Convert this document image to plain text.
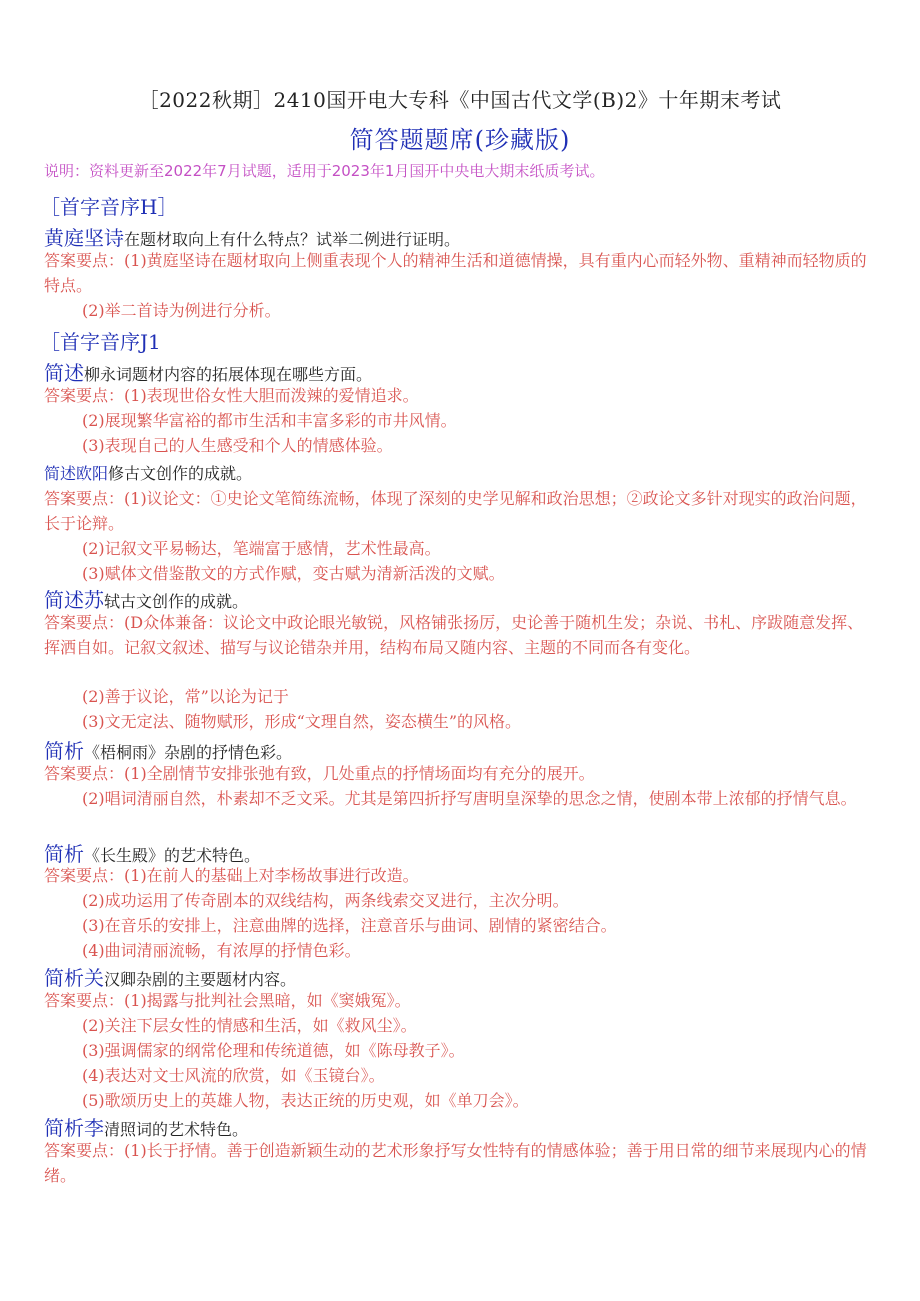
［2022秋期］2410国开电大专科《中国古代文学(B)2》十年期末考试
简答题题席(珍藏版)
说明：资料更新至2022年7月试题，适用于2023年1月国开中央电大期末纸质考试。
［首字音序H］
黄庭坚诗在题材取向上有什么特点？试举二例进行证明。
答案要点：(1)黄庭坚诗在题材取向上侧重表现个人的精神生活和道德情操，具有重内心而轻外物、重精神而轻物质的特点。
(2)举二首诗为例进行分析。
［首字音序J1
简述柳永词题材内容的拓展体现在哪些方面。
答案要点：(1)表现世俗女性大胆而泼辣的爱情追求。
(2)展现繁华富裕的都市生活和丰富多彩的市井风情。
(3)表现自己的人生感受和个人的情感体验。
简述欧阳修古文创作的成就。
答案要点：(1)议论文：①史论文笔简练流畅，体现了深刻的史学见解和政治思想；②政论文多针对现实的政治问题，长于论辩。
(2)记叙文平易畅达，笔端富于感情，艺术性最高。
(3)赋体文借鉴散文的方式作赋，变古赋为清新活泼的文赋。
简述苏轼古文创作的成就。
答案要点：(D众体兼备：议论文中政论眼光敏锐，风格铺张扬厉，史论善于随机生发；杂说、书札、序跋随意发挥、挥洒自如。记叙文叙述、描写与议论错杂并用，结构布局又随内容、主题的不同而各有变化。
(2)善于议论，常”以论为记于
(3)文无定法、随物赋形，形成“文理自然，姿态横生”的风格。
简析《梧桐雨》杂剧的抒情色彩。
答案要点：(1)全剧情节安排张弛有致，几处重点的抒情场面均有充分的展开。
(2)唱词清丽自然，朴素却不乏文采。尤其是第四折抒写唐明皇深挚的思念之情，使剧本带上浓郁的抒情气息。
简析《长生殿》的艺术特色。
答案要点：(1)在前人的基础上对李杨故事进行改造。
(2)成功运用了传奇剧本的双线结构，两条线索交叉进行，主次分明。
(3)在音乐的安排上，注意曲牌的选择，注意音乐与曲词、剧情的紧密结合。
(4)曲词清丽流畅，有浓厚的抒情色彩。
简析关汉卿杂剧的主要题材内容。
答案要点：(1)揭露与批判社会黑暗，如《窦娥冤》。
(2)关注下层女性的情感和生活，如《救风尘》。
(3)强调儒家的纲常伦理和传统道德，如《陈母教子》。
(4)表达对文士风流的欣赏，如《玉镜台》。
(5)歌颂历史上的英雄人物，表达正统的历史观，如《单刀会》。
简析李清照词的艺术特色。
答案要点：(1)长于抒情。善于创造新颖生动的艺术形象抒写女性特有的情感体验；善于用日常的细节来展现内心的情绪。
